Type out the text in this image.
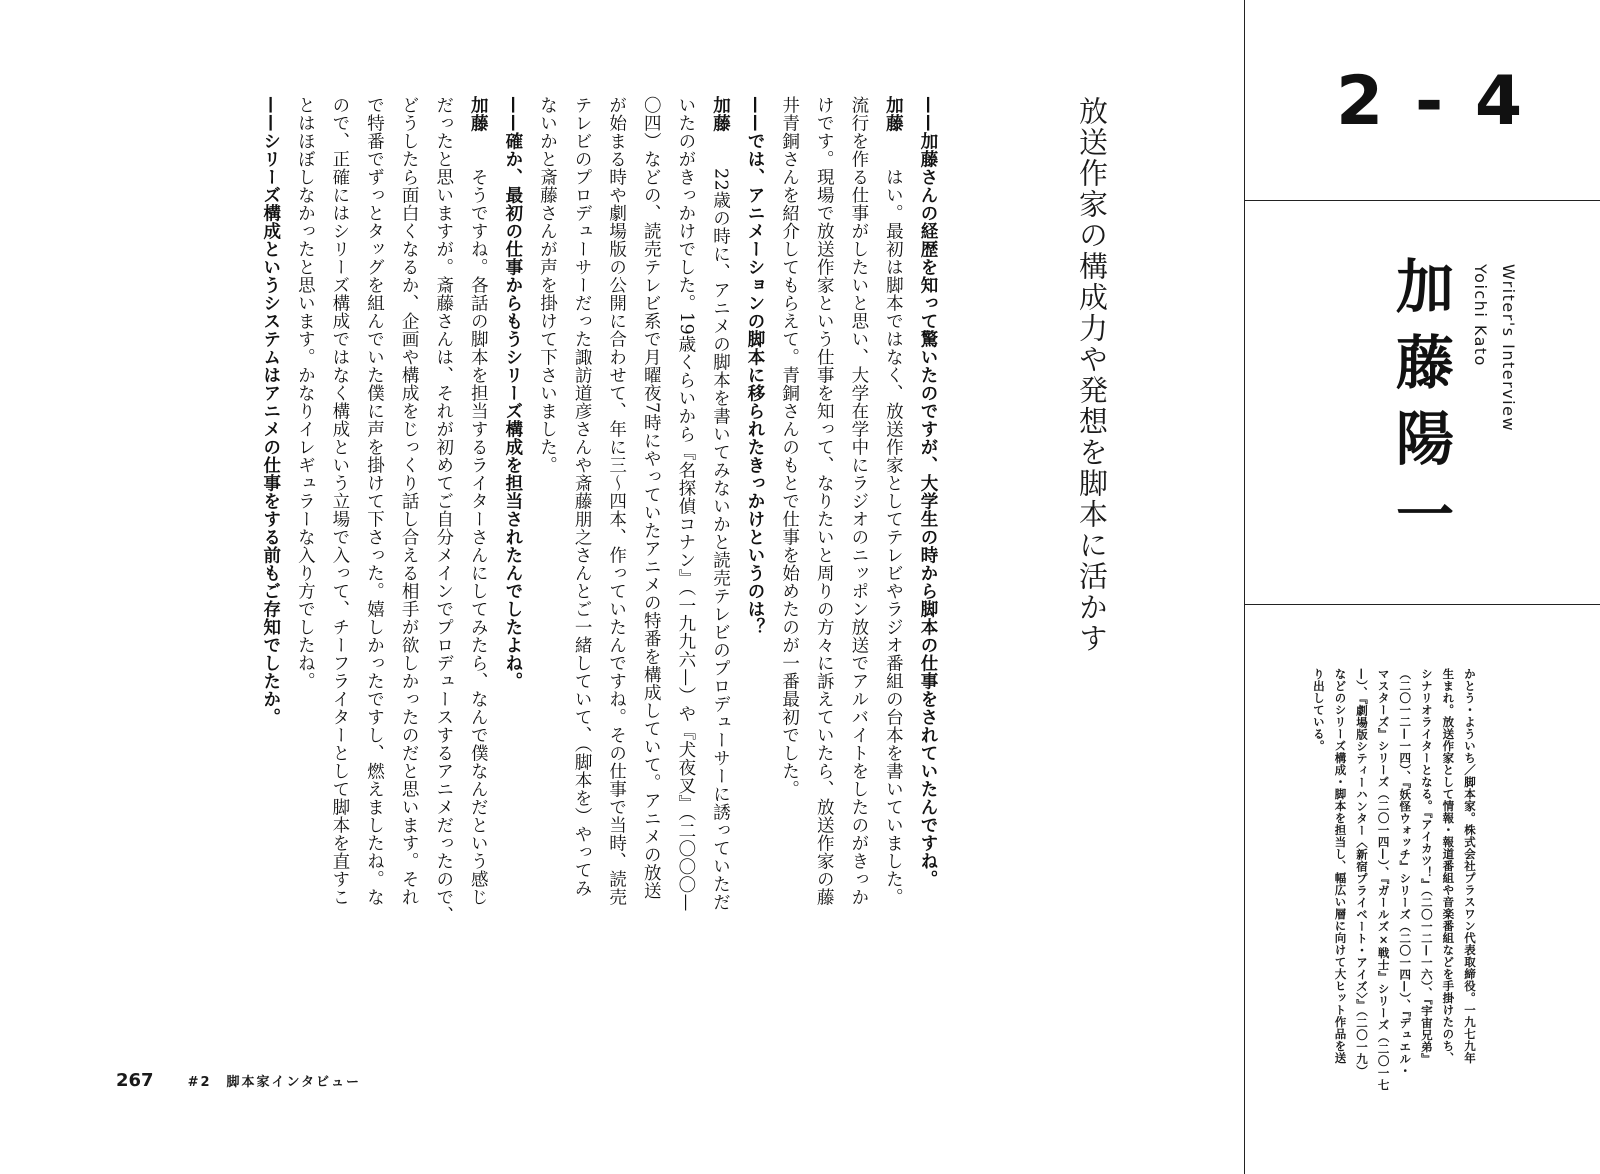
放送作家の構成力や発想を脚本に活かす

——加藤さんの経歴を知って驚いたのですが、大学生の時から脚本の仕事をされていたんですね。

加藤　　はい。最初は脚本ではなく、放送作家としてテレビやラジオ番組の台本を書いていました。

流行を作る仕事がしたいと思い、大学在学中にラジオのニッポン放送でアルバイトをしたのがきっか

けです。現場で放送作家という仕事を知って、なりたいと周りの方々に訴えていたら、放送作家の藤

井青銅さんを紹介してもらえて。青銅さんのもとで仕事を始めたのが一番最初でした。

——では、アニメーションの脚本に移られたきっかけというのは？

加藤　　22歳の時に、アニメの脚本を書いてみないかと読売テレビのプロデューサーに誘っていただ

いたのがきっかけでした。19歳くらいから『名探偵コナン』（一九九六—）や『犬夜叉』（二〇〇〇—

〇四）などの、読売テレビ系で月曜夜7時にやっていたアニメの特番を構成していて。アニメの放送

が始まる時や劇場版の公開に合わせて、年に三〜四本、作っていたんですね。その仕事で当時、読売

テレビのプロデューサーだった諏訪道彦さんや斎藤朋之さんとご一緒していて、（脚本を）やってみ

ないかと斎藤さんが声を掛けて下さいました。

——確か、最初の仕事からもうシリーズ構成を担当されたんでしたよね。

加藤　　そうですね。各話の脚本を担当するライターさんにしてみたら、なんで僕なんだという感じ

だったと思いますが。斎藤さんは、それが初めてご自分メインでプロデュースするアニメだったので、

どうしたら面白くなるか、企画や構成をじっくり話し合える相手が欲しかったのだと思います。それ

で特番でずっとタッグを組んでいた僕に声を掛けて下さった。嬉しかったですし、燃えましたね。な

ので、正確にはシリーズ構成ではなく構成という立場で入って、チーフライターとして脚本を直すこ

とはほぼしなかったと思います。かなりイレギュラーな入り方でしたね。

——シリーズ構成というシステムはアニメの仕事をする前もご存知でしたか。

267	#2　脚本家インタビュー
2 - 4
加藤陽一	Writer's Interview
Yoichi Kato

かとう・よういち／脚本家。株式会社プラスワン代表取締役。一九七九年

生まれ。放送作家として情報・報道番組や音楽番組などを手掛けたのち、

シナリオライターとなる。『アイカツ！』（二〇一二—一六）、『宇宙兄弟』

（二〇一二—一四）、『妖怪ウォッチ』シリーズ（二〇一四—）、『デュエル・

マスターズ』シリーズ（二〇一四—）、『ガールズ×戦士』シリーズ（二〇一七

—）、『劇場版シティーハンター〈新宿プライベート・アイズ〉』（二〇一九）

などのシリーズ構成・脚本を担当し、幅広い層に向けて大ヒット作品を送

り出している。
